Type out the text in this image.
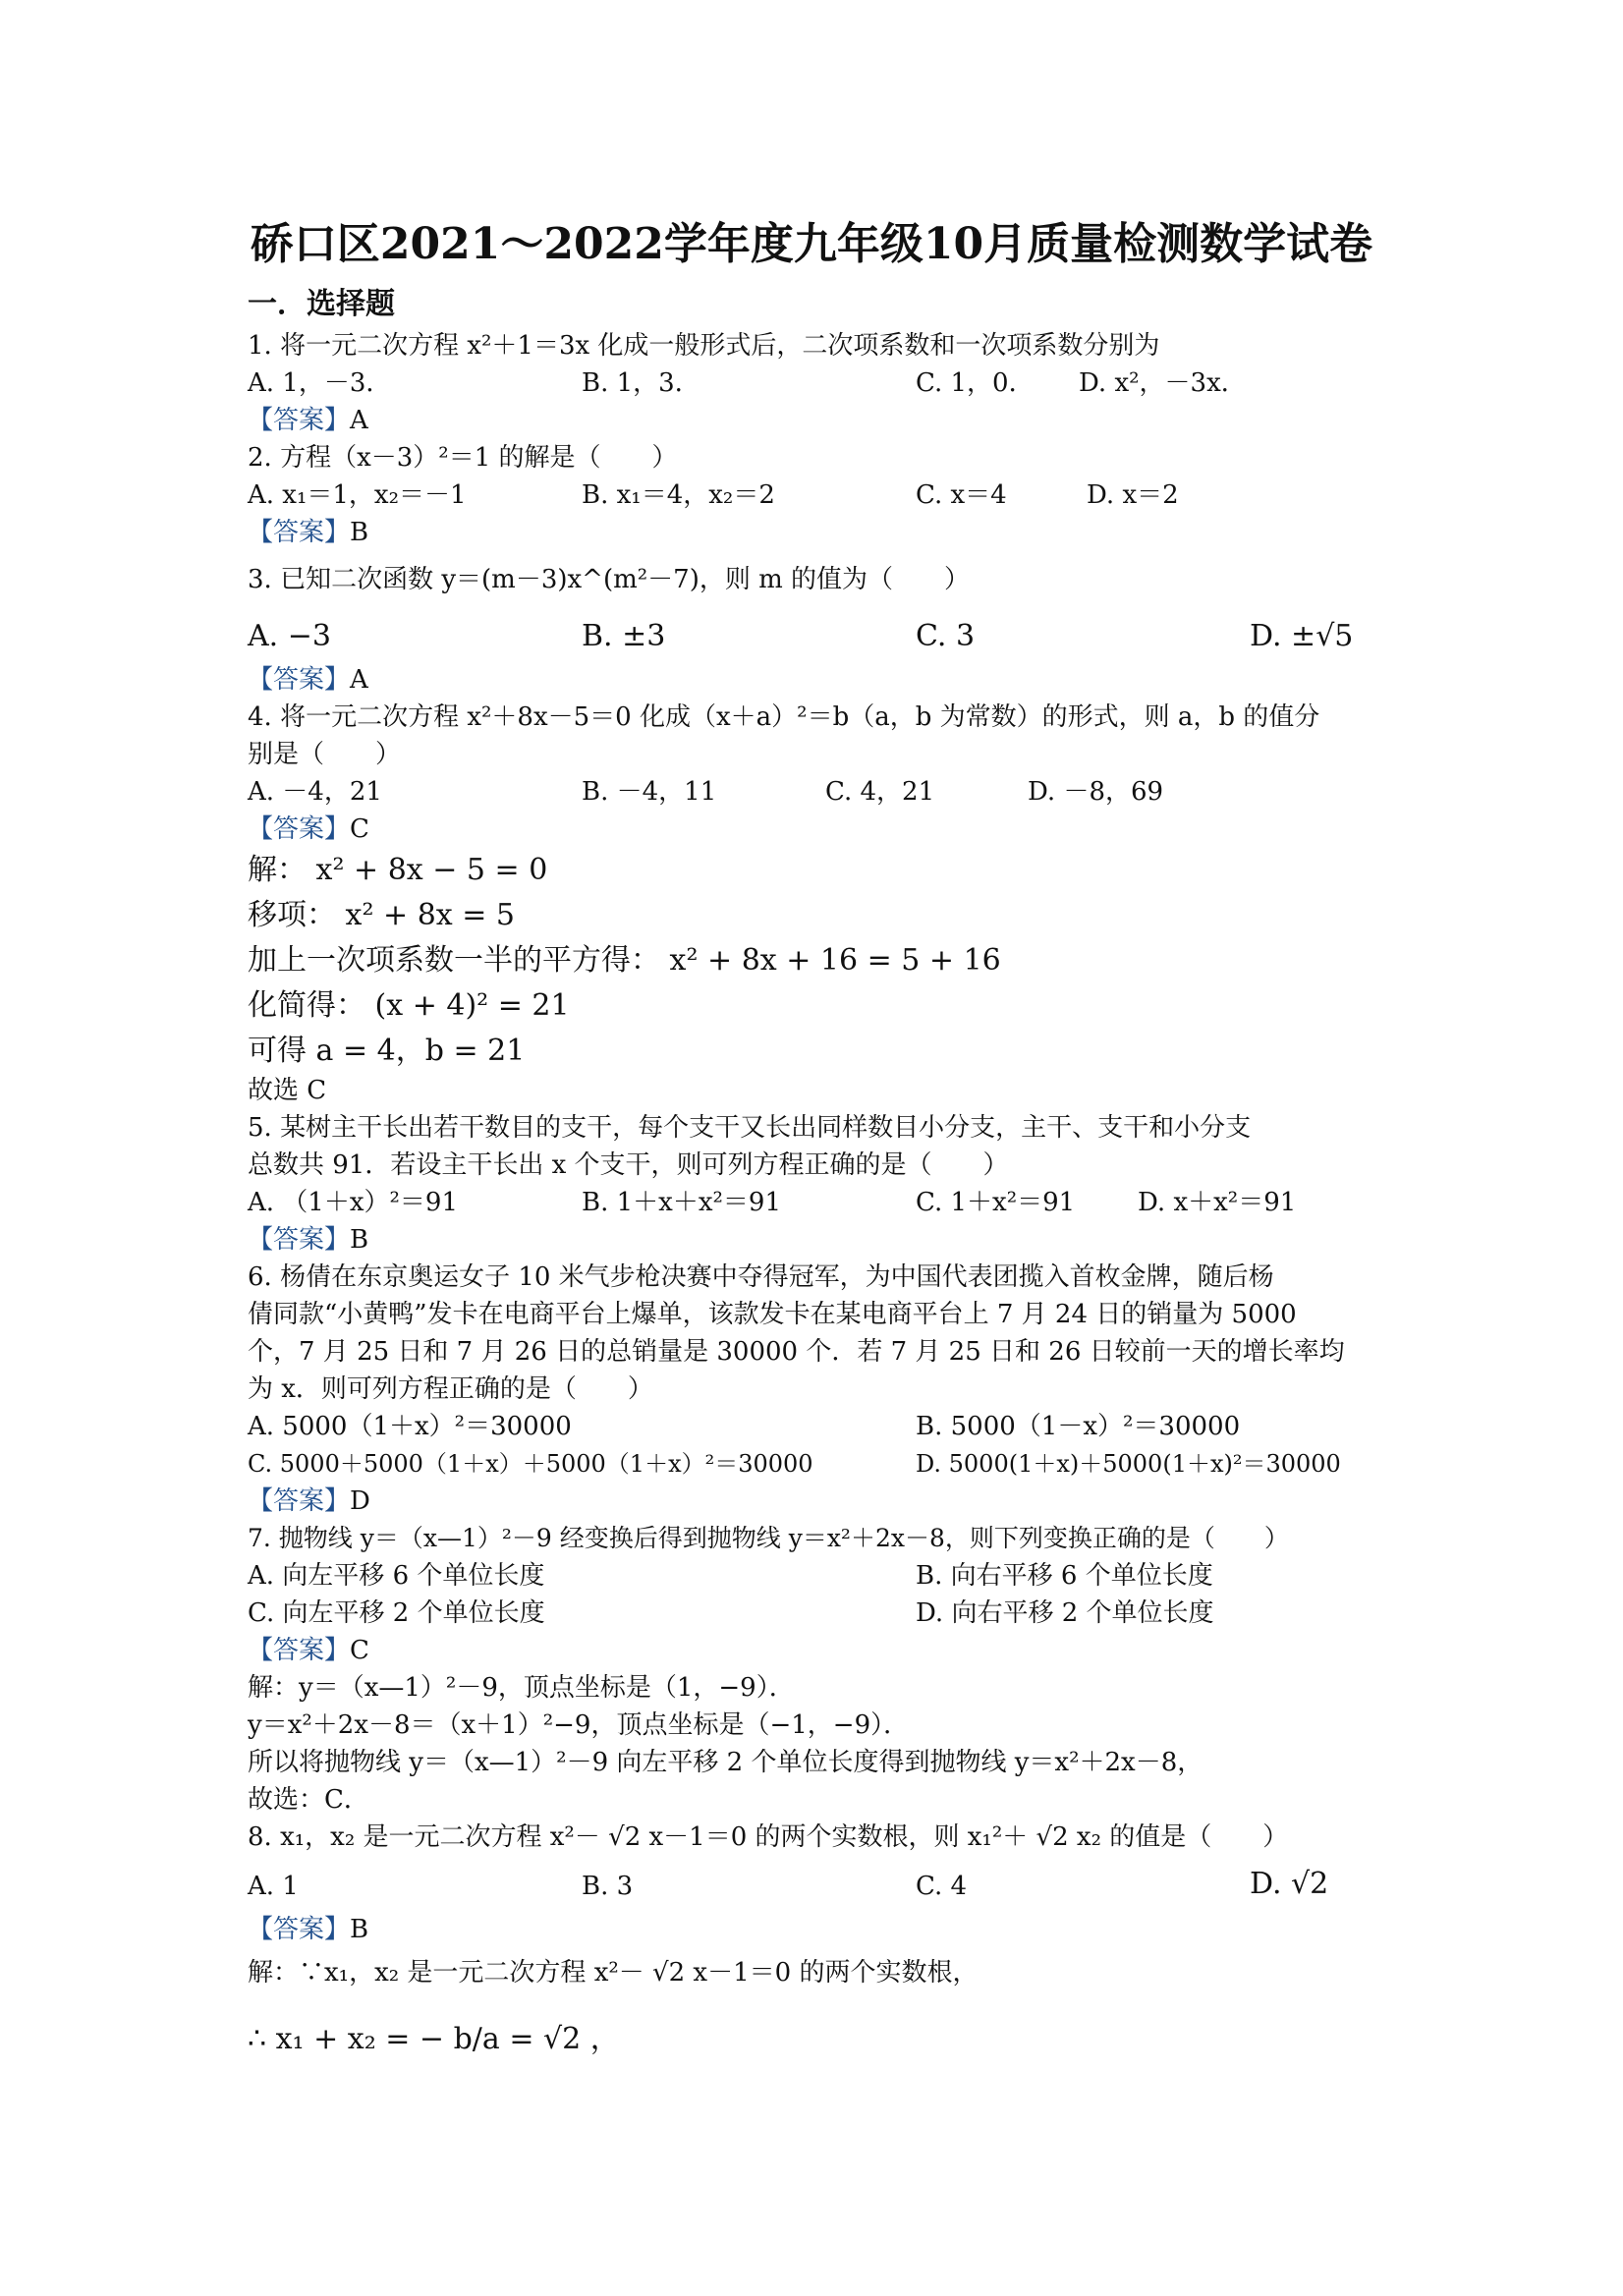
硚口区2021～2022学年度九年级10月质量检测数学试卷
一．选择题
1. 将一元二次方程 x²＋1＝3x 化成一般形式后，二次项系数和一次项系数分别为
A. 1，－3．	B. 1，3．	C. 1，0． D. x²，－3x．
【答案】A
2. 方程（x－3）²＝1 的解是（　　）
A. x₁＝1，x₂＝－1	B. x₁＝4，x₂＝2	C. x＝4	D. x＝2
【答案】B
3. 已知二次函数 y＝(m－3)x^(m²－7)，则 m 的值为（　　）
A. −3	B. ±3	C. 3	D. ±√5
【答案】A
4. 将一元二次方程 x²＋8x－5＝0 化成（x＋a）²＝b（a，b 为常数）的形式，则 a，b 的值分
别是（　　）
A. －4，21	B. －4，11	C. 4，21	D. －8，69
【答案】C
解： x² + 8x − 5 = 0
移项： x² + 8x = 5
加上一次项系数一半的平方得： x² + 8x + 16 = 5 + 16
化简得： (x + 4)² = 21
可得 a = 4，b = 21
故选 C
5. 某树主干长出若干数目的支干，每个支干又长出同样数目小分支，主干、支干和小分支
总数共 91．若设主干长出 x 个支干，则可列方程正确的是（　　）
A. （1＋x）²＝91	B. 1＋x＋x²＝91	C. 1＋x²＝91 D. x＋x²＝91
【答案】B
6. 杨倩在东京奥运女子 10 米气步枪决赛中夺得冠军，为中国代表团揽入首枚金牌，随后杨
倩同款“小黄鸭”发卡在电商平台上爆单，该款发卡在某电商平台上 7 月 24 日的销量为 5000
个，7 月 25 日和 7 月 26 日的总销量是 30000 个．若 7 月 25 日和 26 日较前一天的增长率均
为 x．则可列方程正确的是（　　）
A. 5000（1＋x）²＝30000	B. 5000（1－x）²＝30000
C. 5000＋5000（1＋x）＋5000（1＋x）²＝30000	D. 5000(1＋x)＋5000(1＋x)²＝30000
【答案】D
7. 抛物线 y＝（x—1）²－9 经变换后得到抛物线 y＝x²＋2x－8，则下列变换正确的是（　　）
A. 向左平移 6 个单位长度	B. 向右平移 6 个单位长度
C. 向左平移 2 个单位长度	D. 向右平移 2 个单位长度
【答案】C
解：y＝（x—1）²－9，顶点坐标是（1，−9）．
y＝x²＋2x－8＝（x＋1）²−9，顶点坐标是（−1，−9）．
所以将抛物线 y＝（x—1）²－9 向左平移 2 个单位长度得到抛物线 y＝x²＋2x－8，
故选：C．
8. x₁，x₂ 是一元二次方程 x²－ √2 x－1＝0 的两个实数根，则 x₁²＋ √2 x₂ 的值是（　　）
A. 1	B. 3	C. 4	D. √2
【答案】B
解：∵x₁，x₂ 是一元二次方程 x²－ √2 x－1＝0 的两个实数根，
∴ x₁ + x₂ = − b/a = √2 ，
